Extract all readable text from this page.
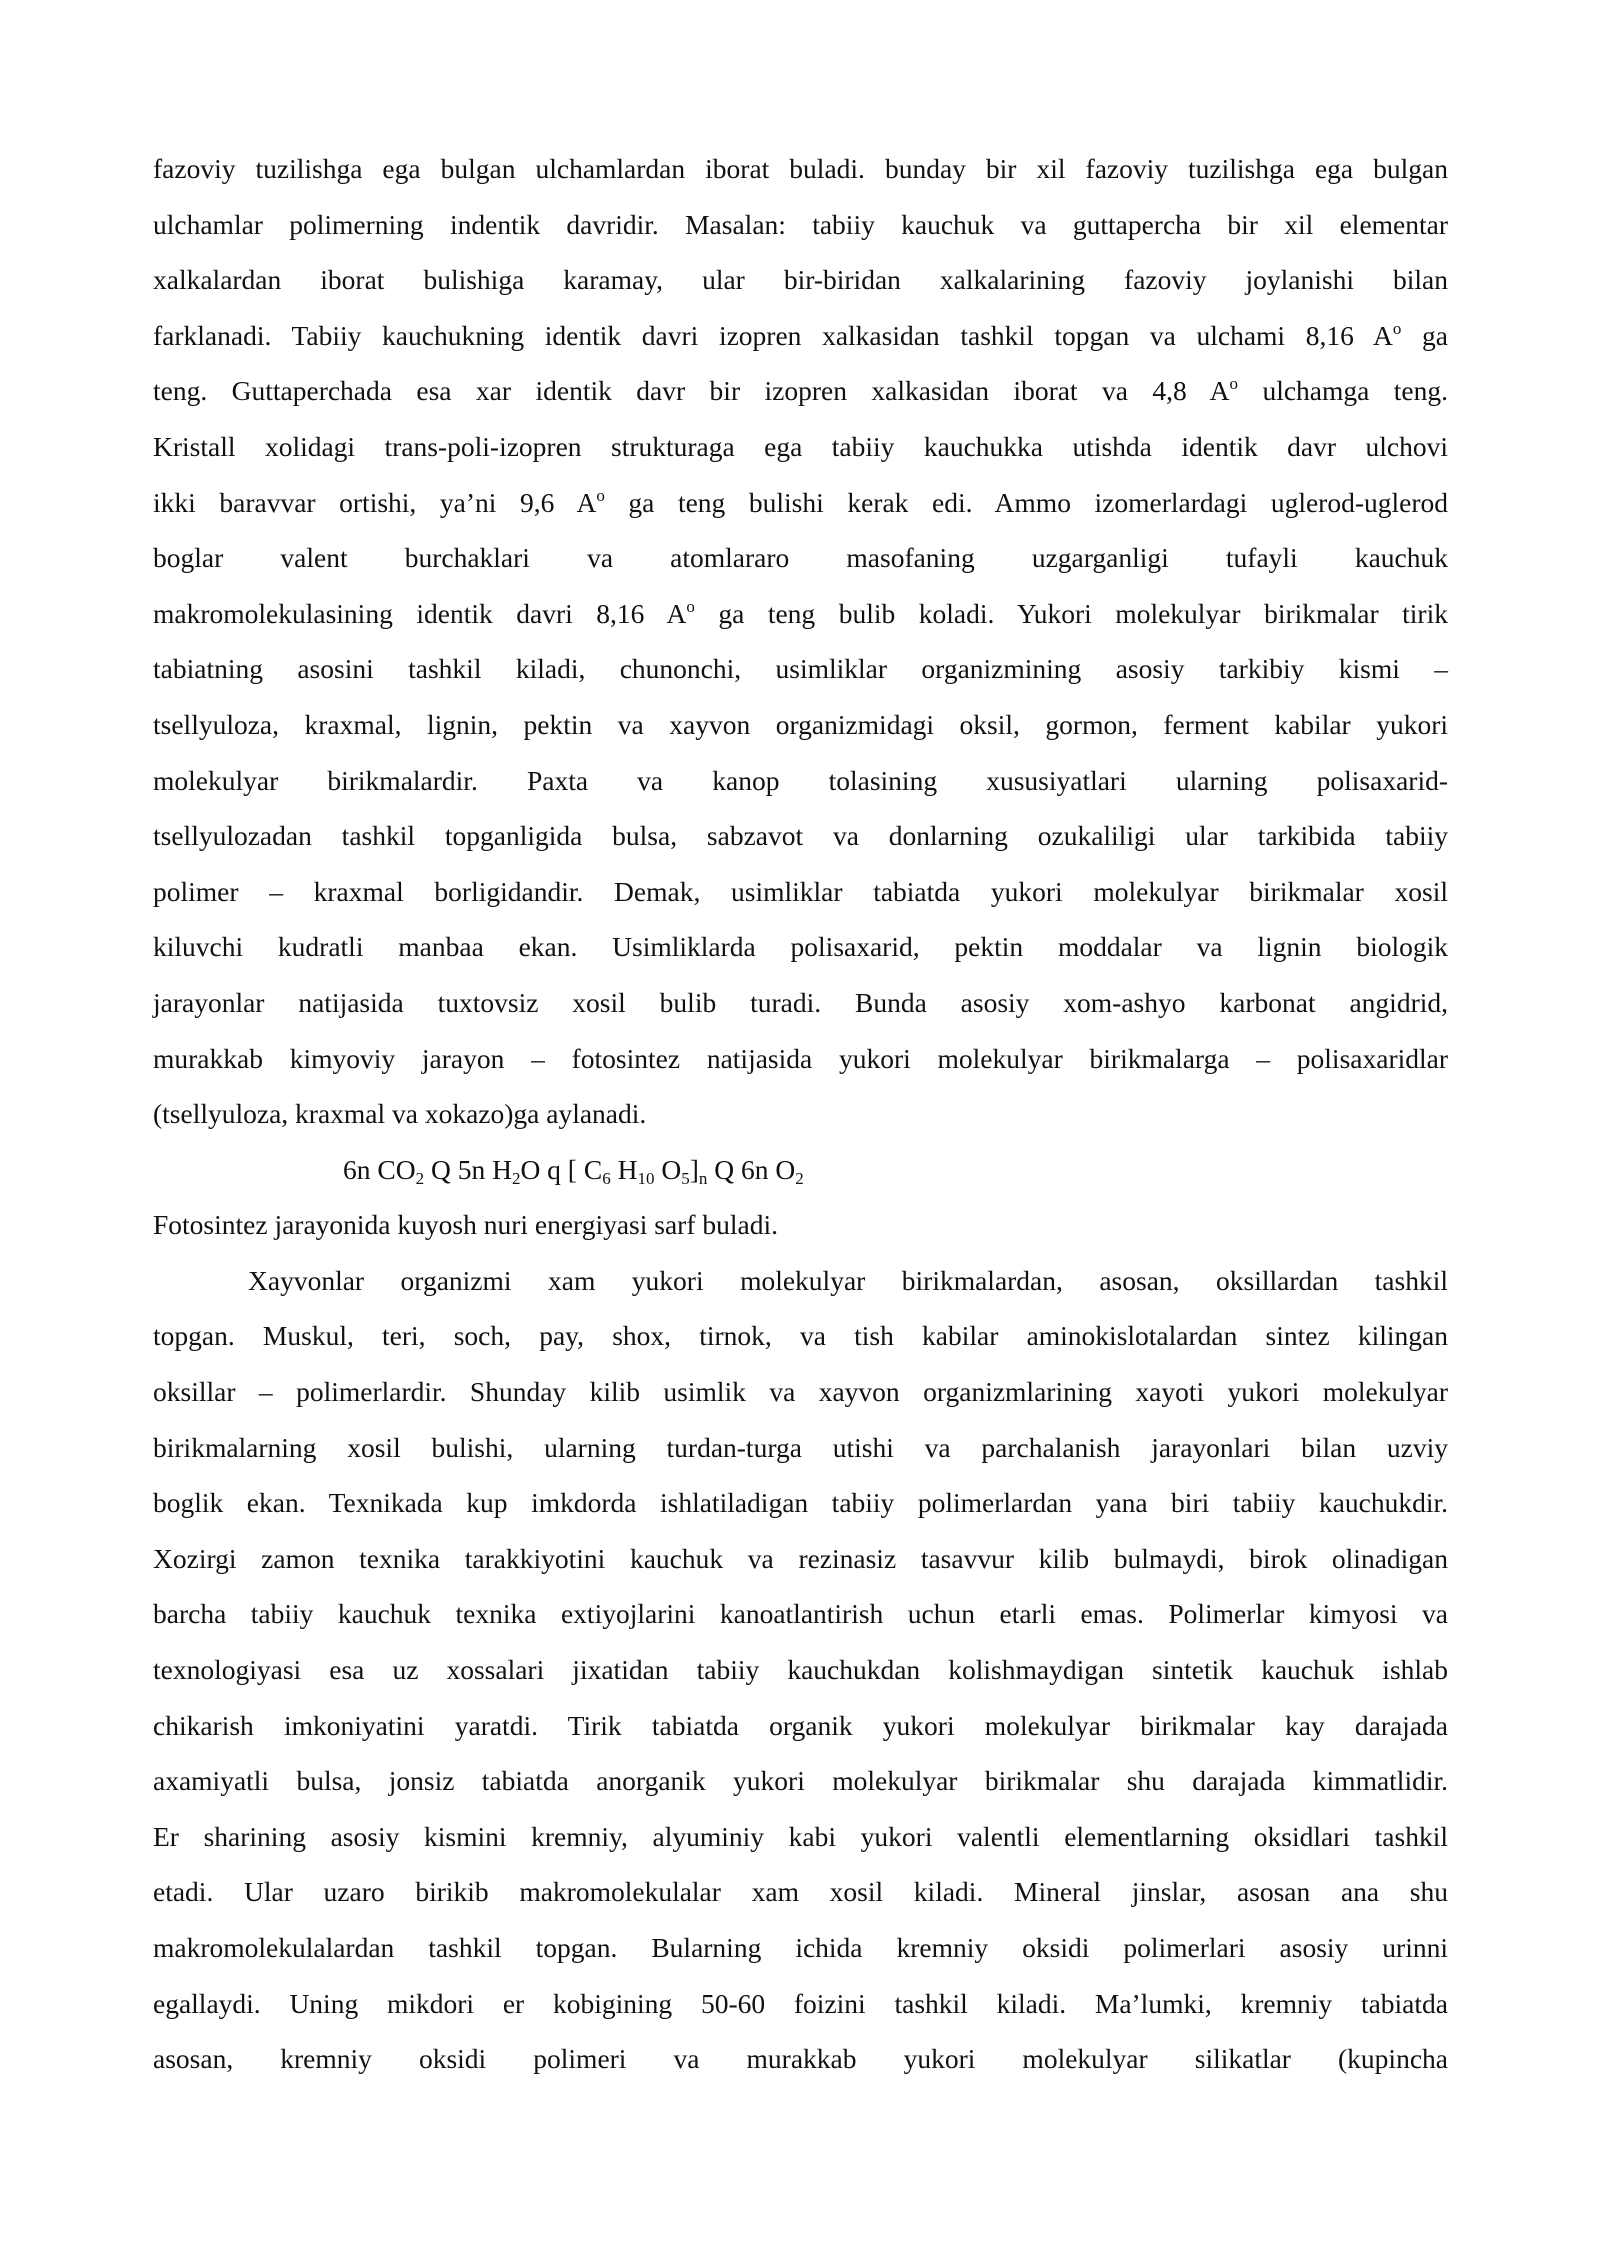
fazoviy tuzilishga ega bulgan ulchamlardan iborat buladi. bunday bir xil fazoviy tuzilishga ega bulgan
ulchamlar polimerning indentik davridir. Masalan: tabiiy kauchuk va guttapercha bir xil elementar
xalkalardan iborat bulishiga karamay, ular bir-biridan xalkalarining fazoviy joylanishi bilan
farklanadi. Tabiiy kauchukning identik davri izopren xalkasidan tashkil topgan va ulchami 8,16 $A^o$ ga
teng. Guttaperchada esa xar identik davr bir izopren xalkasidan iborat va 4,8 $A^o$ ulchamga teng.
Kristall xolidagi trans-poli-izopren strukturaga ega tabiiy kauchukka utishda identik davr ulchovi
ikki baravvar ortishi, ya’ni 9,6 $A^o$ ga teng bulishi kerak edi. Ammo izomerlardagi uglerod-uglerod
boglar valent burchaklari va atomlararo masofaning uzgarganligi tufayli kauchuk
makromolekulasining identik davri 8,16 $A^o$ ga teng bulib koladi. Yukori molekulyar birikmalar tirik
tabiatning asosini tashkil kiladi, chunonchi, usimliklar organizmining asosiy tarkibiy kismi –
tsellyuloza, kraxmal, lignin, pektin va xayvon organizmidagi oksil, gormon, ferment kabilar yukori
molekulyar birikmalardir. Paxta va kanop tolasining xususiyatlari ularning polisaxarid-
tsellyulozadan tashkil topganligida bulsa, sabzavot va donlarning ozukaliligi ular tarkibida tabiiy
polimer – kraxmal borligidandir. Demak, usimliklar tabiatda yukori molekulyar birikmalar xosil
kiluvchi kudratli manbaa ekan. Usimliklarda polisaxarid, pektin moddalar va lignin biologik
jarayonlar natijasida tuxtovsiz xosil bulib turadi. Bunda asosiy xom-ashyo karbonat angidrid,
murakkab kimyoviy jarayon – fotosintez natijasida yukori molekulyar birikmalarga – polisaxaridlar
(tsellyuloza, kraxmal va xokazo)ga aylanadi.
6n $CO_2$ Q 5n $H_2O$ q [ $C_6$ $H_{10}$ $O_5]_n$ Q 6n $O_2$
Fotosintez jarayonida kuyosh nuri energiyasi sarf buladi.
Xayvonlar organizmi xam yukori molekulyar birikmalardan, asosan, oksillardan tashkil
topgan. Muskul, teri, soch, pay, shox, tirnok, va tish kabilar aminokislotalardan sintez kilingan
oksillar – polimerlardir. Shunday kilib usimlik va xayvon organizmlarining xayoti yukori molekulyar
birikmalarning xosil bulishi, ularning turdan-turga utishi va parchalanish jarayonlari bilan uzviy
boglik ekan. Texnikada kup imkdorda ishlatiladigan tabiiy polimerlardan yana biri tabiiy kauchukdir.
Xozirgi zamon texnika tarakkiyotini kauchuk va rezinasiz tasavvur kilib bulmaydi, birok olinadigan
barcha tabiiy kauchuk texnika extiyojlarini kanoatlantirish uchun etarli emas. Polimerlar kimyosi va
texnologiyasi esa uz xossalari jixatidan tabiiy kauchukdan kolishmaydigan sintetik kauchuk ishlab
chikarish imkoniyatini yaratdi. Tirik tabiatda organik yukori molekulyar birikmalar kay darajada
axamiyatli bulsa, jonsiz tabiatda anorganik yukori molekulyar birikmalar shu darajada kimmatlidir.
Er sharining asosiy kismini kremniy, alyuminiy kabi yukori valentli elementlarning oksidlari tashkil
etadi. Ular uzaro birikib makromolekulalar xam xosil kiladi. Mineral jinslar, asosan ana shu
makromolekulalardan tashkil topgan. Bularning ichida kremniy oksidi polimerlari asosiy urinni
egallaydi. Uning mikdori er kobigining 50-60 foizini tashkil kiladi. Ma’lumki, kremniy tabiatda
asosan, kremniy oksidi polimeri va murakkab yukori molekulyar silikatlar (kupincha
